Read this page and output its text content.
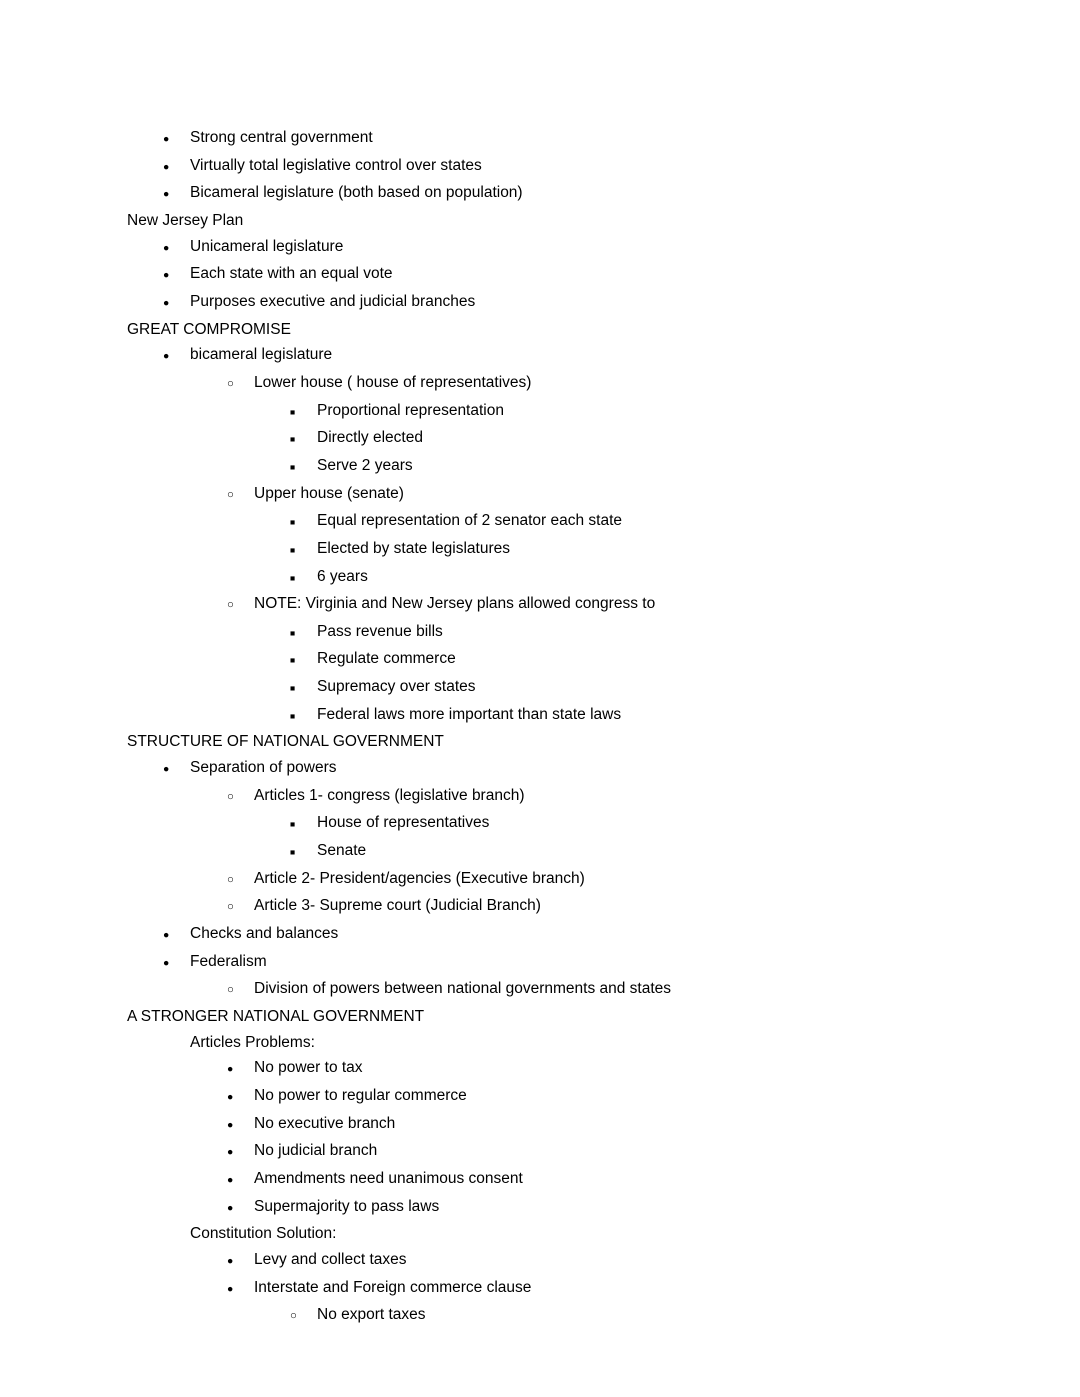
●	Strong central government
●	Virtually total legislative control over states
●	Bicameral legislature (both based on population)
New Jersey Plan
●	Unicameral legislature
●	Each state with an equal vote
●	Purposes executive and judicial branches
GREAT COMPROMISE
●	bicameral legislature
○	Lower house ( house of representatives)
■	Proportional representation
■	Directly elected
■	Serve 2 years
○	Upper house (senate)
■	Equal representation of 2 senator each state
■	Elected by state legislatures
■	6 years
○	NOTE: Virginia and New Jersey plans allowed congress to
■	Pass revenue bills
■	Regulate commerce
■	Supremacy over states
■	Federal laws more important than state laws
STRUCTURE OF NATIONAL GOVERNMENT
●	Separation of powers
○	Articles 1- congress (legislative branch)
■	House of representatives
■	Senate
○	Article 2- President/agencies (Executive branch)
○	Article 3- Supreme court (Judicial Branch)
●	Checks and balances
●	Federalism
○	Division of powers between national governments and states
A STRONGER NATIONAL GOVERNMENT
Articles Problems:
●	No power to tax
●	No power to regular commerce
●	No executive branch
●	No judicial branch
●	Amendments need unanimous consent
●	Supermajority to pass laws
Constitution Solution:
●	Levy and collect taxes
●	Interstate and Foreign commerce clause
○	No export taxes
